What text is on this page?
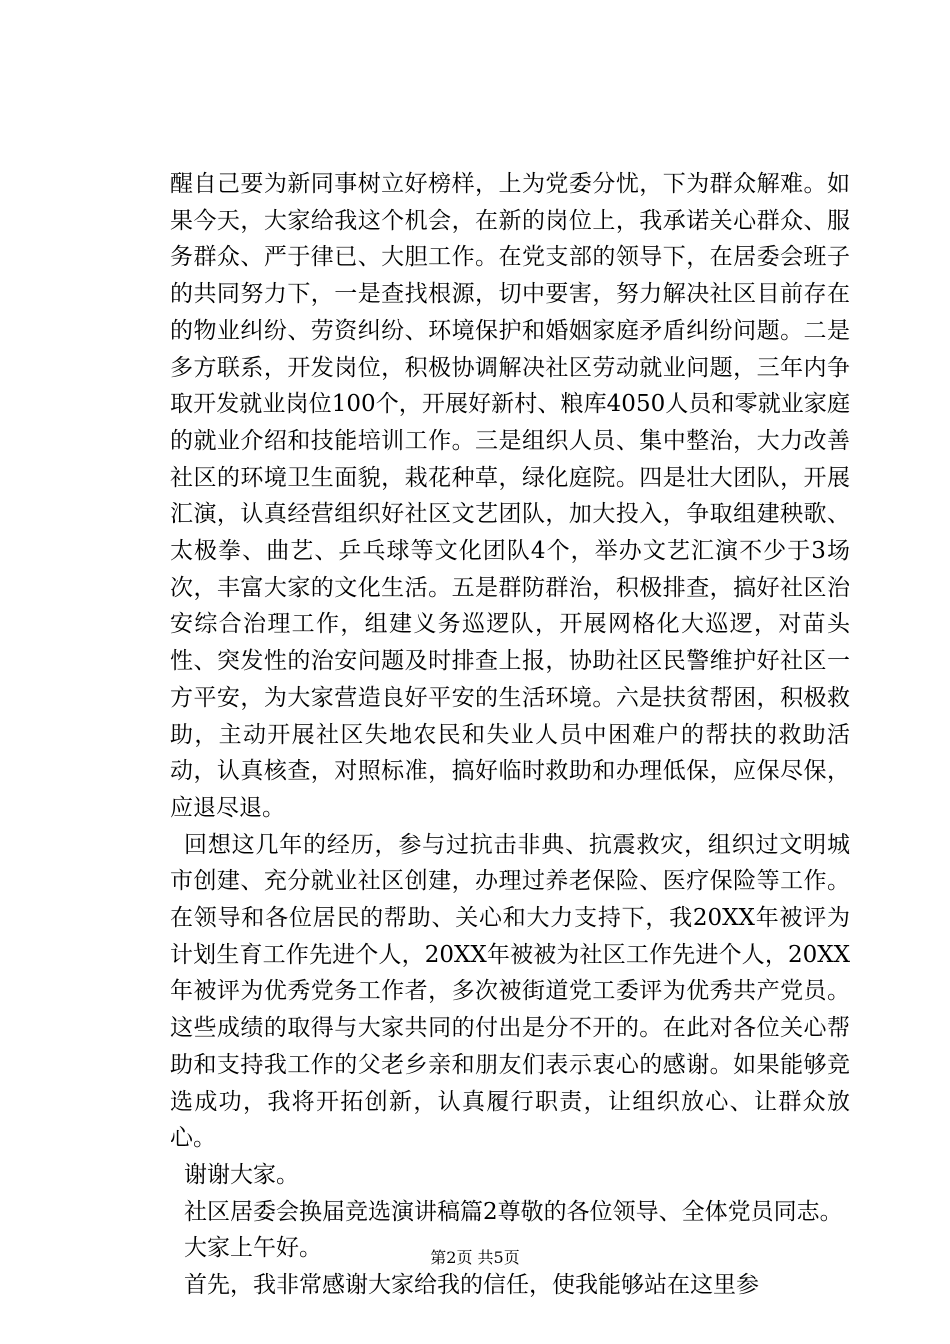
醒自己要为新同事树立好榜样，上为党委分忧，下为群众解难。如果今天，大家给我这个机会，在新的岗位上，我承诺关心群众、服务群众、严于律已、大胆工作。在党支部的领导下，在居委会班子的共同努力下，一是查找根源，切中要害，努力解决社区目前存在的物业纠纷、劳资纠纷、环境保护和婚姻家庭矛盾纠纷问题。二是多方联系，开发岗位，积极协调解决社区劳动就业问题，三年内争取开发就业岗位100个，开展好新村、粮库4050人员和零就业家庭的就业介绍和技能培训工作。三是组织人员、集中整治，大力改善社区的环境卫生面貌，栽花种草，绿化庭院。四是壮大团队，开展汇演，认真经营组织好社区文艺团队，加大投入，争取组建秧歌、太极拳、曲艺、乒乓球等文化团队4个，举办文艺汇演不少于3场次，丰富大家的文化生活。五是群防群治，积极排查，搞好社区治安综合治理工作，组建义务巡逻队，开展网格化大巡逻，对苗头性、突发性的治安问题及时排查上报，协助社区民警维护好社区一方平安，为大家营造良好平安的生活环境。六是扶贫帮困，积极救助，主动开展社区失地农民和失业人员中困难户的帮扶的救助活动，认真核查，对照标准，搞好临时救助和办理低保，应保尽保，应退尽退。

回想这几年的经历，参与过抗击非典、抗震救灾，组织过文明城市创建、充分就业社区创建，办理过养老保险、医疗保险等工作。在领导和各位居民的帮助、关心和大力支持下，我20XX年被评为计划生育工作先进个人，20XX年被被为社区工作先进个人，20XX年被评为优秀党务工作者，多次被街道党工委评为优秀共产党员。这些成绩的取得与大家共同的付出是分不开的。在此对各位关心帮助和支持我工作的父老乡亲和朋友们表示衷心的感谢。如果能够竞选成功，我将开拓创新，认真履行职责，让组织放心、让群众放心。

谢谢大家。

社区居委会换届竞选演讲稿篇2尊敬的各位领导、全体党员同志。

大家上午好。

首先，我非常感谢大家给我的信任，使我能够站在这里参

第2页 共5页
